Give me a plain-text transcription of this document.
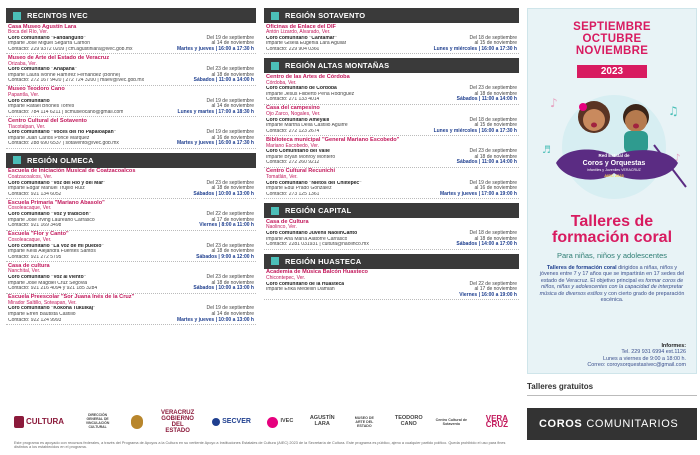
RECINTOS IVEC
Casa Museo Agustín Lara
Boca del Río, Ver.
Coro comunitario "Fandanguito"	Del 19 de septiembre
Imparte José Miguel Segarra Carrión	al 14 de noviembre
Contacto: 229 9372 0209 | cm.agustinlara@ivec.gob.mx	Martes y jueves | 16:00 a 17:30 h
Museo de Arte del Estado de Veracruz
Orizaba, Ver.
Coro comunitario "Anapana"	Del 23 de septiembre
Imparte Laura Ivonne Ramírez Fernández (Bonne)	al 18 de noviembre
Contacto: 272 167 9420 | 272 724 3200 | maev@ivec.gob.mx	Sábados | 11:00 a 14:00 h
Museo Teodoro Cano
Papantla, Ver.
Coro comunitario	Del 19 de septiembre
Imparte Rafael Briones Torres	al 14 de noviembre
Contacto: 784 114 6211 | scmuseocano@gmail.com	Lunes y martes | 17:00 a 18:30 h
Centro Cultural del Sotavento
Tlacotalpan, Ver.
Coro comunitario "Voces del río Papaloapan"	Del 19 de septiembre
Imparte Juan Carlos Ponce Márquez	al 16 de noviembre
Contacto: 288 690 6537 | sotavento@ivec.gob.mx	Martes y jueves | 16:00 a 17:30 h
REGIÓN OLMECA
Escuela de Iniciación Musical de Coatzacoalcos
Coatzacoalcos, Ver.
Coro comunitario "Voz del Río y del Mar"	Del 23 de septiembre
Imparte Edgar Manuel Trujillo Ruiz	al 18 de noviembre
Contacto: 921 134 6052	Sábados | 10:00 a 13:00 h
Escuela Primaria "Mariano Abasolo"
Cosoleacaque, Ver.
Coro comunitario "Voz y tradición"	Del 22 de septiembre
Imparte José Irving Laureano Carrasco	al 17 de noviembre
Contacto: 921 169 3498	Viernes | 8:00 a 11:00 h
Escuela "Flor y Canto"
Cosoleacaque, Ver.
Coro comunitario "La Voz de mi pueblo"	Del 23 de septiembre
Imparte Kelis Alejandra Fuentes Santos	al 18 de noviembre
Contacto: 921 272 5795	Sábados | 9:00 a 12:00 h
Casa de cultura
Nanchital, Ver.
Coro comunitario "Voz al viento"	Del 23 de septiembre
Imparte José Magdiel Cruz Segovia	al 18 de noviembre
Contacto: 921 216 4094 y 921 185 3284	Sábados | 10:00 a 13:00 h
Escuela Preescolar "Sor Juana Inés de la Cruz"
Mirador Saltillo, Soteapan, Ver.
Coro comunitario "Kokona Tukuikaj"	Del 19 de septiembre
Imparte Efrén Bautista Castillo	al 14 de noviembre
Contacto: 922 124 9993	Martes y jueves | 10:00 a 13:00 h
REGIÓN SOTAVENTO
Oficinas de Enlace del DIF
Antón Lizardo, Alvarado, Ver.
Coro comunitario "Cantamar"	Del 18 de septiembre
Imparte Gisela Eugenia Lara Aguilar	al 15 de noviembre
Contacto: 229 904 0360	Lunes y miércoles | 16:00 a 17:30 h
REGIÓN ALTAS MONTAÑAS
Centro de las Artes de Córdoba
Córdoba, Ver.
Coro comunitario de Córdoba	Del 23 de septiembre
Imparte Jesús Filiberto Peña Rodríguez	al 18 de noviembre
Contacto: 271 133 4014	Sábados | 11:00 a 14:00 h
Casa del campesino
Ojo Zarco, Nogales, Ver.
Coro comunitario Ameyalli	Del 18 de septiembre
Imparte Martha Della Castillo Aguirre	al 15 de noviembre
Contacto: 272 123 2674	Lunes y miércoles | 16:00 a 17:30 h
Biblioteca municipal "General Mariano Escobedo"
Mariano Escobedo, Ver.
Coro Comunitario del Valle	Del 23 de septiembre
Imparte Bryan Monroy Montero	al 18 de noviembre
Contacto: 272 260 9212	Sábados | 11:00 a 14:00 h
Centro Cultural Recunichi
Tomatlán, Ver.
Coro comunitario "Nietos del Chiltepec"	Del 19 de septiembre
Imparte Edul Prado González	al 16 de noviembre
Contacto: 273 125 1361	Martes y jueves | 17:00 a 19:00 h
REGIÓN CAPITAL
Casa de Cultura
Naolinco, Ver.
Coro comunitario Juvenil NaolinCanto	Del 18 de septiembre
Imparte Ana María Alatorre Carrasco	al 18 de noviembre
Contacto: 2281 031931 | cultura@naolinco.mx	Sábados | 14:00 a 17:00 h
REGIÓN HUASTECA
Academia de Música Balcón Huasteco
Chicontepec, Ver.
Coro comunitario de la Huasteca	Del 22 de septiembre
Imparte Erika Medellín Damián	al 17 de noviembre
Viernes | 16:00 a 19:00 h
SEPTIEMBRE
OCTUBRE
NOVIEMBRE
2023
♪
♫
♪
♬	Red Estatal de
Coros y Orquestas
infantiles y Juveniles VERACRUZ
AIEC 2023
Talleres de
formación coral
Para niñas, niños y adolescentes
Talleres de formación coral dirigidos a niñas, niños y jóvenes entre 7 y 17 años que se impartirán en 17 sedes del estado de Veracruz. El objetivo principal es formar coros de niños, niñas y adolescentes con la capacidad de interpretar música de diversos estilos y con cierto grado de preparación escénica.
Informes:
Tel. 229 931 6994 ext.1126
Lunes a viernes de 9:00 a 18:00 h.
Correo: coroysorquestasivec@gmail.com
Talleres gratuitos
CULTURA
DIRECCIÓN GENERAL DE VINCULACIÓN CULTURAL
VERACRUZ GOBIERNO DEL ESTADO
SECVER	IVEC	AGUSTÍN LARA
MUSEO DE ARTE DEL ESTADO
TEODORO CANO
Centro Cultural de Sotavento
VERA CRUZ	COROS COMUNITARIOS
Este programa es apoyado con recursos federales, a través del Programa de Apoyos a la Cultura en su vertiente Apoyo a Instituciones Estatales de Cultura (AIEC) 2023 de la Secretaría de Cultura. Este programa es público, ajeno a cualquier partido político. Queda prohibido el uso para fines distintos a los establecidos en el programa.
